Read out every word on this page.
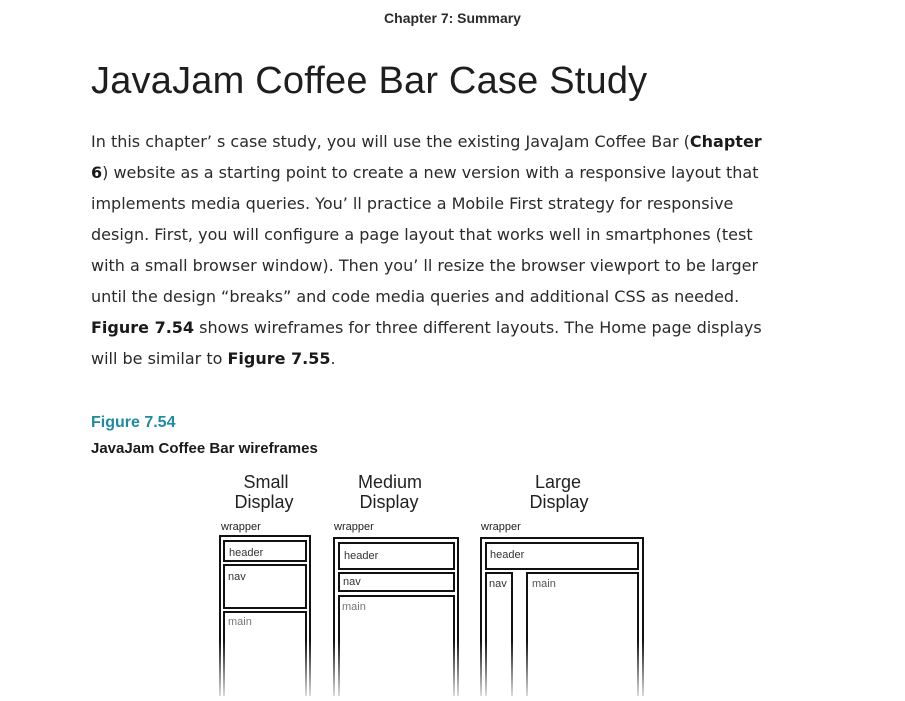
Chapter 7: Summary
JavaJam Coffee Bar Case Study

In this chapter’ s case study, you will use the existing JavaJam Coffee Bar (Chapter 6) website as a starting point to create a new version with a responsive layout that implements media queries. You’ ll practice a Mobile First strategy for responsive design. First, you will configure a page layout that works well in smartphones (test with a small browser window). Then you’ ll resize the browser viewport to be larger until the design “breaks” and code media queries and additional CSS as needed. Figure 7.54 shows wireframes for three different layouts. The Home page displays will be similar to Figure 7.55.

Figure 7.54
JavaJam Coffee Bar wireframes
Small
Display
wrapper
Medium
Display
wrapper
Large
Display
wrapper
header
nav
main
header
nav
main
header
nav main
